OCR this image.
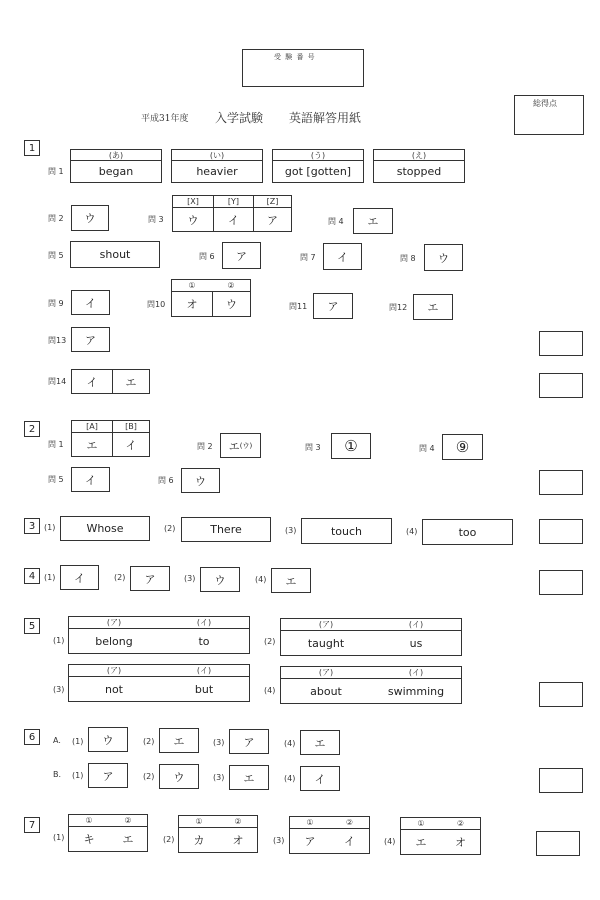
受 験 番 号
平成31年度 入学試験 英語解答用紙
総得点
1
問 1
(あ)
began
(い)
heavier
(う)
got [gotten]
(え)
stopped
問 2	ウ	問 3
[X]	[Y]	[Z]
ウ	イ	ア	問 4	エ
問 5	shout	問 6	ア	問 7	イ	問 8	ウ
問 9	イ	問10
①	②
オ	ウ	問11	ア	問12	エ
問13	ア
問14	イ	エ
2
問 1
[A]	[B]
エ	イ	問 2 エ (ウ)	問 3	①	問 4	⑨
問 5	イ	問 6	ウ
3	(1)	Whose	(2)	There	(3)	touch	(4)	too
4	(1)	イ	(2)	ア	(3)	ウ	(4)	エ
5
(1)
(ア)	(イ)
belong	to	(2)
(ア)	(イ)
taught	us
(3)
(ア)	(イ)
not	but	(4)
(ア)	(イ)
about	swimming
6	A. (1)	ウ	(2)	エ	(3)	ア	(4)	エ
B. (1)	ア	(2)	ウ	(3)	エ	(4)	イ
7
(1)
①	②
キ	エ	(2)
①	②
カ	オ	(3)
①	②
ア	イ	(4)
①	②
エ	オ
